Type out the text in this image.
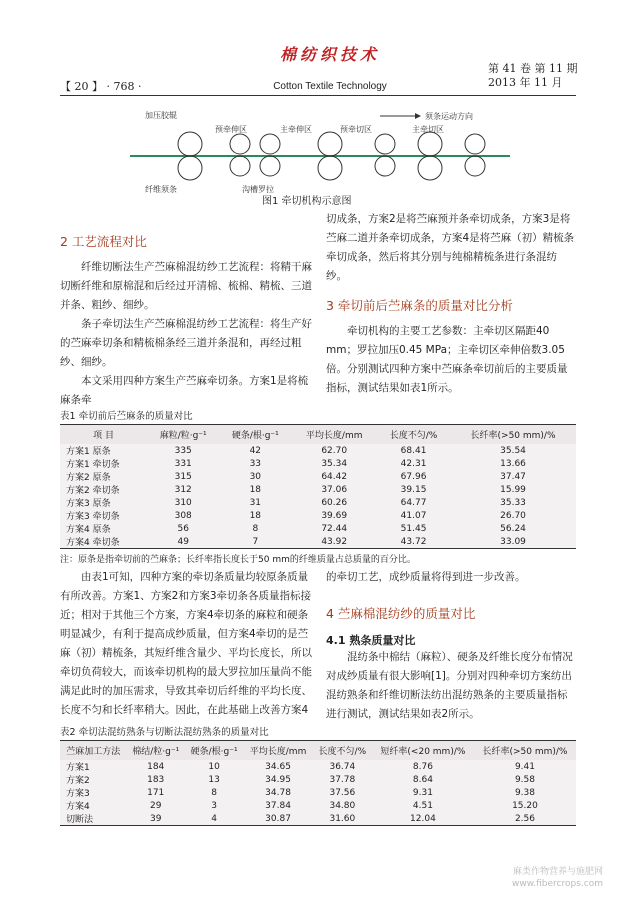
【 20 】 · 768 ·
棉纺织技术
Cotton Textile Technology
第 41 卷 第 11 期
2013 年 11 月
加压胶辊
预牵伸区	主牵伸区	预牵切区	主牵切区
须条运动方向
纤维须条	沟槽罗拉
图1 牵切机构示意图
2 工艺流程对比

纤维切断法生产苎麻棉混纺纱工艺流程：将精干麻切断纤维和原棉混和后经过开清棉、梳棉、精梳、三道并条、粗纱、细纱。

条子牵切法生产苎麻棉混纺纱工艺流程：将生产好的苎麻牵切条和精梳棉条经三道并条混和，再经过粗纱、细纱。

本文采用四种方案生产苎麻牵切条。方案1是将梳麻条牵

切成条，方案2是将苎麻预并条牵切成条，方案3是将苎麻二道并条牵切成条，方案4是将苎麻（初）精梳条牵切成条，然后将其分别与纯棉精梳条进行条混纺纱。

3 牵切前后苎麻条的质量对比分析

牵切机构的主要工艺参数：主牵切区隔距40 mm；罗拉加压0.45 MPa；主牵切区牵伸倍数3.05倍。分别测试四种方案中苎麻条牵切前后的主要质量指标，测试结果如表1所示。

表1 牵切前后苎麻条的质量对比
项 目	麻粒/粒·g⁻¹	硬条/根·g⁻¹	平均长度/mm	长度不匀/%	长纤率(>50 mm)/%
方案1 原条	335	42	62.70	68.41	35.54
方案1 牵切条	331	33	35.34	42.31	13.66
方案2 原条	315	30	64.42	67.96	37.47
方案2 牵切条	312	18	37.06	39.15	15.99
方案3 原条	310	31	60.26	64.77	35.33
方案3 牵切条	308	18	39.69	41.07	26.70
方案4 原条	56	8	72.44	51.45	56.24
方案4 牵切条	49	7	43.92	43.72	33.09
注：原条是指牵切前的苎麻条；长纤率指长度长于50 mm的纤维质量占总质量的百分比。

由表1可知，四种方案的牵切条质量均较原条质量有所改善。方案1、方案2和方案3牵切条各质量指标接近；相对于其他三个方案，方案4牵切条的麻粒和硬条明显减少，有利于提高成纱质量，但方案4牵切的是苎麻（初）精梳条，其短纤维含量少、平均长度长，所以牵切负荷较大，而该牵切机构的最大罗拉加压量尚不能满足此时的加压需求，导致其牵切后纤维的平均长度、长度不匀和长纤率稍大。因此，在此基础上改善方案4

的牵切工艺，成纱质量将得到进一步改善。

4 苎麻棉混纺纱的质量对比
4.1 熟条质量对比

混纺条中棉结（麻粒）、硬条及纤维长度分布情况对成纱质量有很大影响[1]。分别对四种牵切方案纺出混纺熟条和纤维切断法纺出混纺熟条的主要质量指标进行测试，测试结果如表2所示。

表2 牵切法混纺熟条与切断法混纺熟条的质量对比
苎麻加工方法	棉结/粒·g⁻¹	硬条/根·g⁻¹	平均长度/mm	长度不匀/%	短纤率(<20 mm)/%	长纤率(>50 mm)/%
方案1	184	10	34.65	36.74	8.76	9.41
方案2	183	13	34.95	37.78	8.64	9.58
方案3	171	8	34.78	37.56	9.31	9.38
方案4	29	3	37.84	34.80	4.51	15.20
切断法	39	4	30.87	31.60	12.04	2.56
麻类作物营养与施肥网
www.fibercrops.com
